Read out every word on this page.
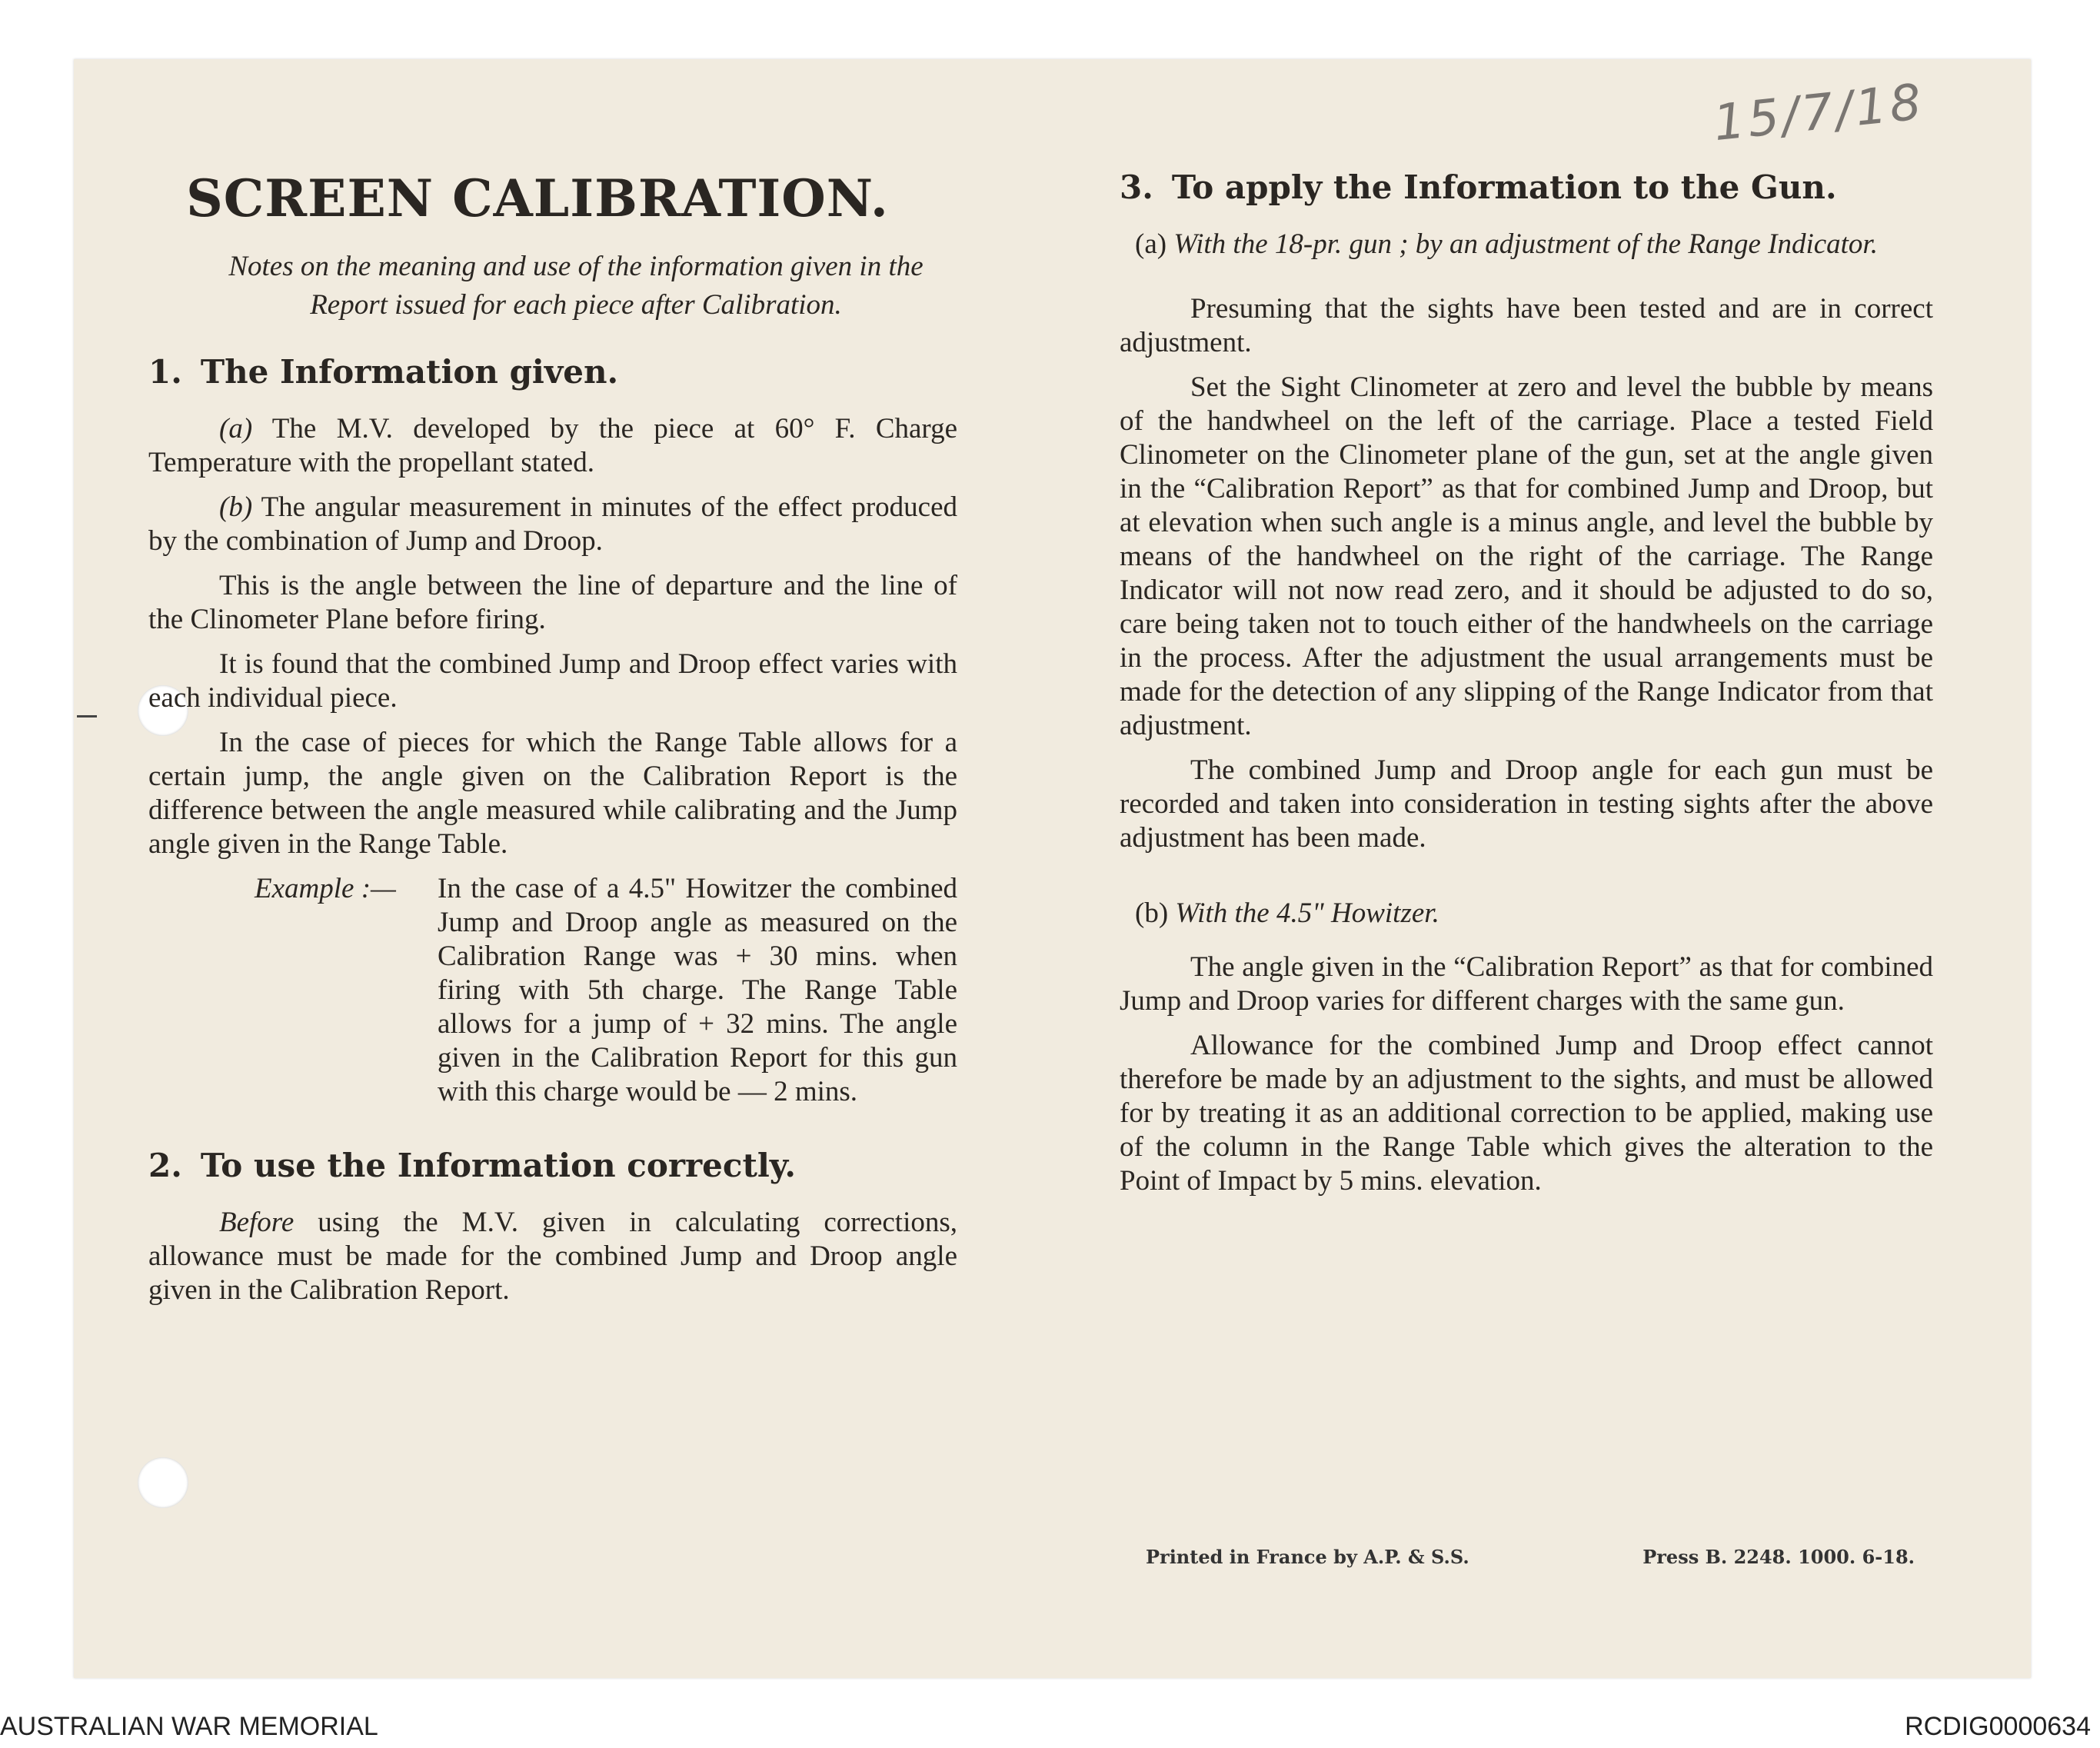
15/7/18
SCREEN CALIBRATION.
Notes on the meaning and use of the information given in the Report issued for each piece after Calibration.
1. The Information given.

(a) The M.V. developed by the piece at 60° F. Charge Temperature with the propellant stated.

(b) The angular measurement in minutes of the effect produced by the combination of Jump and Droop.

This is the angle between the line of departure and the line of the Clinometer Plane before firing.

It is found that the combined Jump and Droop effect varies with each individual piece.

In the case of pieces for which the Range Table allows for a certain jump, the angle given on the Calibration Report is the difference between the angle measured while calibrating and the Jump angle given in the Range Table.

Example :—	In the case of a 4.5" Howitzer the combined Jump and Droop angle as measured on the Calibration Range was + 30 mins. when firing with 5th charge. The Range Table allows for a jump of + 32 mins. The angle given in the Calibration Report for this gun with this charge would be — 2 mins.
2. To use the Information correctly.

Before using the M.V. given in calculating corrections, allowance must be made for the combined Jump and Droop angle given in the Calibration Report.

3. To apply the Information to the Gun.
(a) With the 18-pr. gun ; by an adjustment of the Range Indicator.

Presuming that the sights have been tested and are in correct adjustment.

Set the Sight Clinometer at zero and level the bubble by means of the handwheel on the left of the carriage. Place a tested Field Clinometer on the Clinometer plane of the gun, set at the angle given in the “Calibration Report” as that for combined Jump and Droop, but at elevation when such angle is a minus angle, and level the bubble by means of the handwheel on the right of the carriage. The Range Indicator will not now read zero, and it should be adjusted to do so, care being taken not to touch either of the handwheels on the carriage in the process. After the adjustment the usual arrangements must be made for the detection of any slipping of the Range Indicator from that adjustment.

The combined Jump and Droop angle for each gun must be recorded and taken into consideration in testing sights after the above adjustment has been made.

(b) With the 4.5" Howitzer.

The angle given in the “Calibration Report” as that for combined Jump and Droop varies for different charges with the same gun.

Allowance for the combined Jump and Droop effect cannot therefore be made by an adjustment to the sights, and must be allowed for by treating it as an additional correction to be applied, making use of the column in the Range Table which gives the alteration to the Point of Impact by 5 mins. elevation.

Printed in France by A.P. & S.S.	Press B. 2248. 1000. 6-18.
AUSTRALIAN WAR MEMORIAL	RCDIG0000634
